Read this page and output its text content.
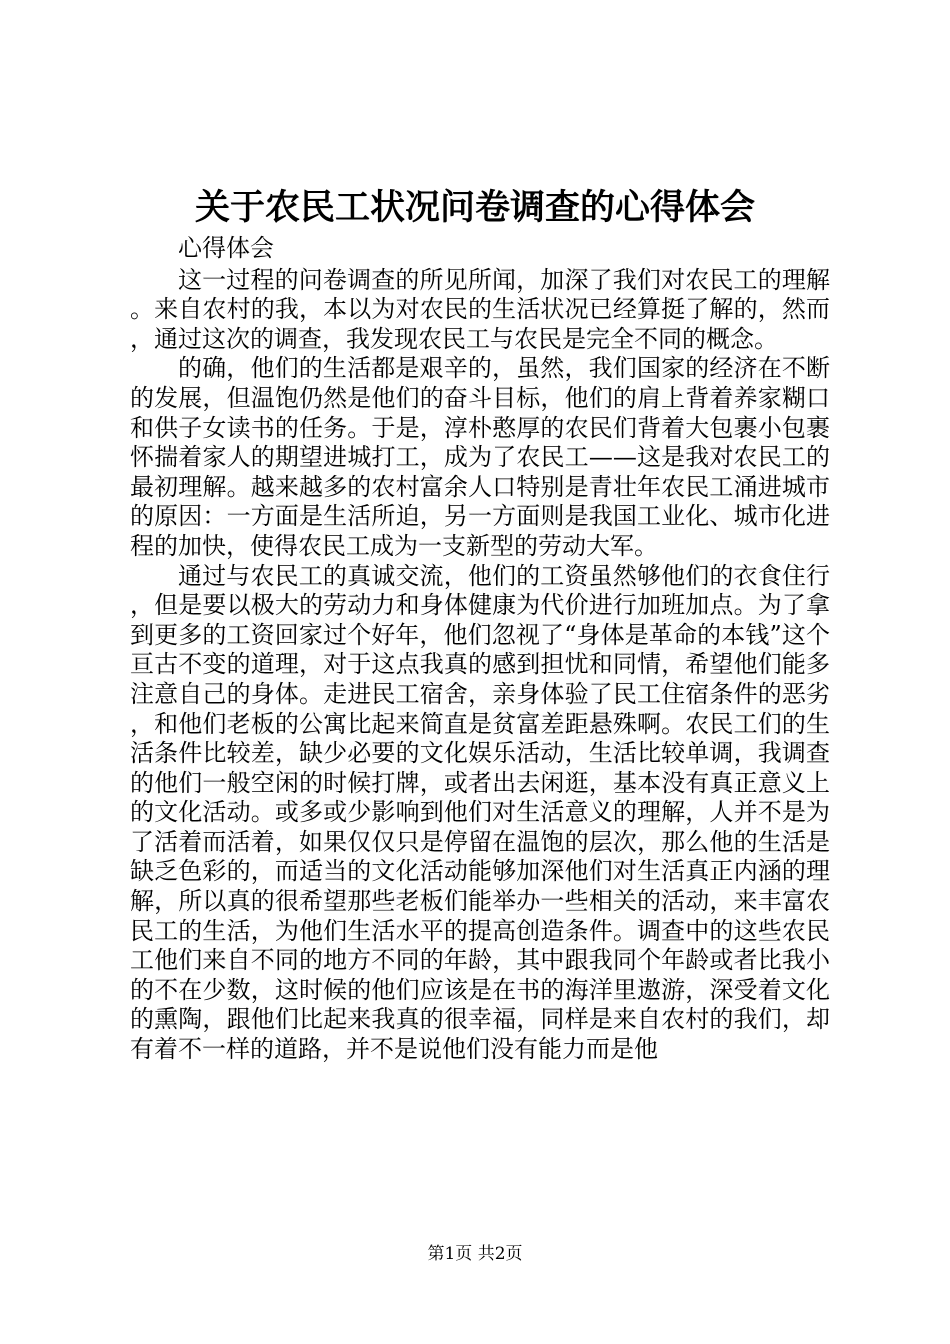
关于农民工状况问卷调查的心得体会

心得体会

这一过程的问卷调查的所见所闻，加深了我们对农民工的理解。来自农村的我，本以为对农民的生活状况已经算挺了解的，然而，通过这次的调查，我发现农民工与农民是完全不同的概念。

的确，他们的生活都是艰辛的，虽然，我们国家的经济在不断的发展，但温饱仍然是他们的奋斗目标，他们的肩上背着养家糊口和供子女读书的任务。于是，淳朴憨厚的农民们背着大包裹小包裹怀揣着家人的期望进城打工，成为了农民工——这是我对农民工的最初理解。越来越多的农村富余人口特别是青壮年农民工涌进城市的原因：一方面是生活所迫，另一方面则是我国工业化、城市化进程的加快，使得农民工成为一支新型的劳动大军。

通过与农民工的真诚交流，他们的工资虽然够他们的衣食住行，但是要以极大的劳动力和身体健康为代价进行加班加点。为了拿到更多的工资回家过个好年，他们忽视了“身体是革命的本钱”这个亘古不变的道理，对于这点我真的感到担忧和同情，希望他们能多注意自己的身体。走进民工宿舍，亲身体验了民工住宿条件的恶劣，和他们老板的公寓比起来简直是贫富差距悬殊啊。农民工们的生活条件比较差，缺少必要的文化娱乐活动，生活比较单调，我调查的他们一般空闲的时候打牌，或者出去闲逛，基本没有真正意义上的文化活动。或多或少影响到他们对生活意义的理解，人并不是为了活着而活着，如果仅仅只是停留在温饱的层次，那么他的生活是缺乏色彩的，而适当的文化活动能够加深他们对生活真正内涵的理解，所以真的很希望那些老板们能举办一些相关的活动，来丰富农民工的生活，为他们生活水平的提高创造条件。调查中的这些农民工他们来自不同的地方不同的年龄，其中跟我同个年龄或者比我小的不在少数，这时候的他们应该是在书的海洋里遨游，深受着文化的熏陶，跟他们比起来我真的很幸福，同样是来自农村的我们，却有着不一样的道路，并不是说他们没有能力而是他

第1页 共2页
